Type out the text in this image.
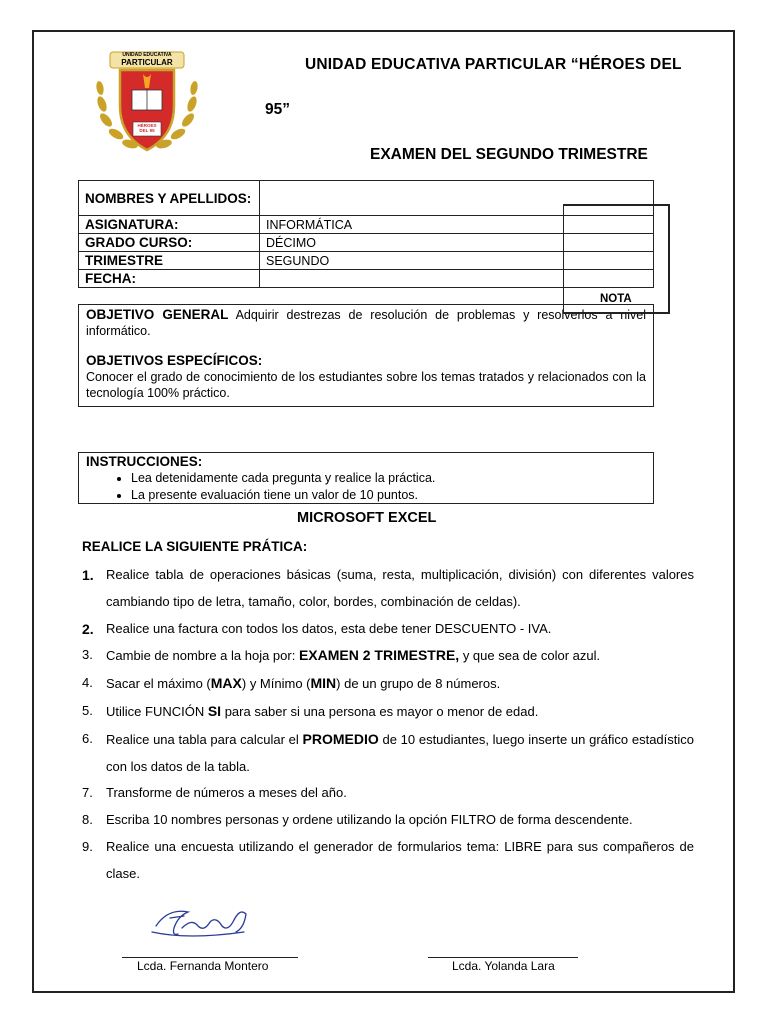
UNIDAD EDUCATIVA
PARTICULAR
HÉROES DEL 95
UNIDAD EDUCATIVA PARTICULAR “HÉROES DEL
95”
EXAMEN DEL SEGUNDO TRIMESTRE
NOMBRES Y APELLIDOS:	
ASIGNATURA:	INFORMÁTICA
GRADO CURSO:	DÉCIMO
TRIMESTRE	SEGUNDO
FECHA:	

OBJETIVO GENERAL Adquirir destrezas de resolución de problemas y resolverlos a nivel informático.

OBJETIVOS ESPECÍFICOS:

Conocer el grado de conocimiento de los estudiantes sobre los temas tratados y relacionados con la tecnología 100% práctico.

NOTA
INSTRUCCIONES:
• Lea detenidamente cada pregunta y realice la práctica.
• La presente evaluación tiene un valor de 10 puntos.
MICROSOFT EXCEL
REALICE LA SIGUIENTE PRÁTICA:
1. Realice tabla de operaciones básicas (suma, resta, multiplicación, división) con diferentes valores cambiando tipo de letra, tamaño, color, bordes, combinación de celdas).
2. Realice una factura con todos los datos, esta debe tener DESCUENTO - IVA.
3. Cambie de nombre a la hoja por: EXAMEN 2 TRIMESTRE, y que sea de color azul.
4. Sacar el máximo (MAX) y Mínimo (MIN) de un grupo de 8 números.
5. Utilice FUNCIÓN SI para saber si una persona es mayor o menor de edad.
6. Realice una tabla para calcular el PROMEDIO de 10 estudiantes, luego inserte un gráfico estadístico con los datos de la tabla.
7. Transforme de números a meses del año.
8. Escriba 10 nombres personas y ordene utilizando la opción FILTRO de forma descendente.
9. Realice una encuesta utilizando el generador de formularios tema: LIBRE para sus compañeros de clase.
Lcda. Fernanda Montero	Lcda. Yolanda Lara
